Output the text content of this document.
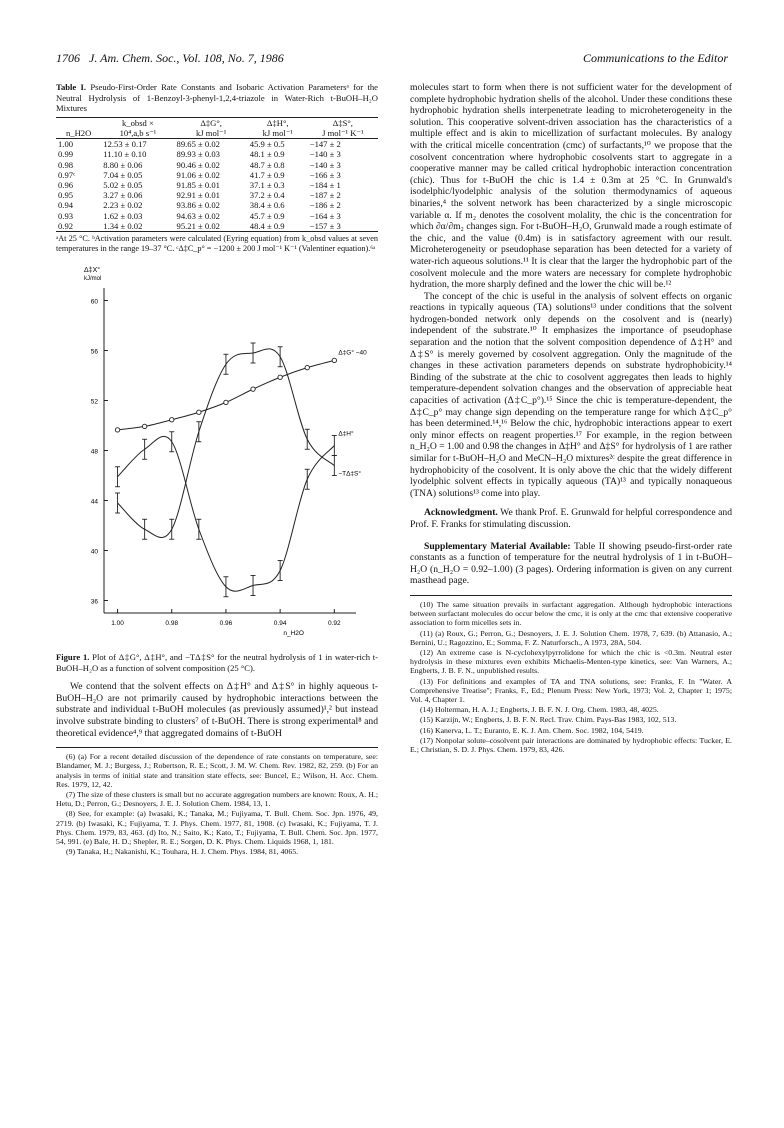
1706 J. Am. Chem. Soc., Vol. 108, No. 7, 1986	Communications to the Editor
Table I. Pseudo-First-Order Rate Constants and Isobaric Activation Parametersᵃ for the Neutral Hydrolysis of 1-Benzoyl-3-phenyl-1,2,4-triazole in Water-Rich t-BuOH–H₂O Mixtures
	k_obsd ×	Δ‡G°,	Δ‡H°,	Δ‡S°,
n_H2O	10⁴,a,b s⁻¹	kJ mol⁻¹	kJ mol⁻¹	J mol⁻¹ K⁻¹
1.00	12.53 ± 0.17	89.65 ± 0.02	45.9 ± 0.5	−147 ± 2
0.99	11.10 ± 0.10	89.93 ± 0.03	48.1 ± 0.9	−140 ± 3
0.98	8.80 ± 0.06	90.46 ± 0.02	48.7 ± 0.8	−140 ± 3
0.97ᶜ	7.04 ± 0.05	91.06 ± 0.02	41.7 ± 0.9	−166 ± 3
0.96	5.02 ± 0.05	91.85 ± 0.01	37.1 ± 0.3	−184 ± 1
0.95	3.27 ± 0.06	92.91 ± 0.01	37.2 ± 0.4	−187 ± 2
0.94	2.23 ± 0.02	93.86 ± 0.02	38.4 ± 0.6	−186 ± 2
0.93	1.62 ± 0.03	94.63 ± 0.02	45.7 ± 0.9	−164 ± 3
0.92	1.34 ± 0.02	95.21 ± 0.02	48.4 ± 0.9	−157 ± 3
ᵃAt 25 °C. ᵇActivation parameters were calculated (Eyring equation) from k_obsd values at seven temperatures in the range 19–37 °C. ᶜΔ‡C_p° = −1200 ± 200 J mol⁻¹ K⁻¹ (Valentiner equation).⁶ᵃ
36
40
44
48
52
56
60
1.00	0.98	0.96	0.94	0.92
Δ‡X°
kJ/mol
n_H2O
Δ‡G° −40
Δ‡H°
−TΔ‡S°
Figure 1. Plot of Δ‡G°, Δ‡H°, and −TΔ‡S° for the neutral hydrolysis of 1 in water-rich t-BuOH–H₂O as a function of solvent composition (25 °C).

We contend that the solvent effects on Δ‡H° and Δ‡S° in highly aqueous t-BuOH–H₂O are not primarily caused by hydrophobic interactions between the substrate and individual t-BuOH molecules (as previously assumed)¹,² but instead involve substrate binding to clusters⁷ of t-BuOH. There is strong experimental⁸ and theoretical evidence⁴,⁹ that aggregated domains of t-BuOH

(6) (a) For a recent detailed discussion of the dependence of rate constants on temperature, see: Blandamer, M. J.; Burgess, J.; Robertson, R. E.; Scott, J. M. W. Chem. Rev. 1982, 82, 259. (b) For an analysis in terms of initial state and transition state effects, see: Buncel, E.; Wilson, H. Acc. Chem. Res. 1979, 12, 42.
(7) The size of these clusters is small but no accurate aggregation numbers are known: Roux, A. H.; Hetu, D.; Perron, G.; Desnoyers, J. E. J. Solution Chem. 1984, 13, 1.
(8) See, for example: (a) Iwasaki, K.; Tanaka, M.; Fujiyama, T. Bull. Chem. Soc. Jpn. 1976, 49, 2719. (b) Iwasaki, K.; Fujiyama, T. J. Phys. Chem. 1977, 81, 1908. (c) Iwasaki, K.; Fujiyama, T. J. Phys. Chem. 1979, 83, 463. (d) Ito, N.; Saito, K.; Kato, T.; Fujiyama, T. Bull. Chem. Soc. Jpn. 1977, 54, 991. (e) Bale, H. D.; Shepler, R. E.; Sorgen, D. K. Phys. Chem. Liquids 1968, 1, 181.
(9) Tanaka, H.; Nakanishi, K.; Touhara, H. J. Chem. Phys. 1984, 81, 4065.

molecules start to form when there is not sufficient water for the development of complete hydrophobic hydration shells of the alcohol. Under these conditions these hydrophobic hydration shells interpenetrate leading to microheterogeneity in the solution. This cooperative solvent-driven association has the characteristics of a multiple effect and is akin to micellization of surfactant molecules. By analogy with the critical micelle concentration (cmc) of surfactants,¹⁰ we propose that the cosolvent concentration where hydrophobic cosolvents start to aggregate in a cooperative manner may be called critical hydrophobic interaction concentration (chic). Thus for t-BuOH the chic is 1.4 ± 0.3m at 25 °C. In Grunwald's isodelphic/lyodelphic analysis of the solution thermodynamics of aqueous binaries,⁴ the solvent network has been characterized by a single microscopic variable α. If m₂ denotes the cosolvent molality, the chic is the concentration for which ∂α/∂m₂ changes sign. For t-BuOH–H₂O, Grunwald made a rough estimate of the chic, and the value (0.4m) is in satisfactory agreement with our result. Microheterogeneity or pseudophase separation has been detected for a variety of water-rich aqueous solutions.¹¹ It is clear that the larger the hydrophobic part of the cosolvent molecule and the more waters are necessary for complete hydrophobic hydration, the more sharply defined and the lower the chic will be.¹²

The concept of the chic is useful in the analysis of solvent effects on organic reactions in typically aqueous (TA) solutions¹³ under conditions that the solvent hydrogen-bonded network only depends on the cosolvent and is (nearly) independent of the substrate.¹⁰ It emphasizes the importance of pseudophase separation and the notion that the solvent composition dependence of Δ‡H° and Δ‡S° is merely governed by cosolvent aggregation. Only the magnitude of the changes in these activation parameters depends on substrate hydrophobicity.¹⁴ Binding of the substrate at the chic to cosolvent aggregates then leads to highly temperature-dependent solvation changes and the observation of appreciable heat capacities of activation (Δ‡C_p°).¹⁵ Since the chic is temperature-dependent, the Δ‡C_p° may change sign depending on the temperature range for which Δ‡C_p° has been determined.¹⁴,¹⁶ Below the chic, hydrophobic interactions appear to exert only minor effects on reagent properties.¹⁷ For example, in the region between n_H₂O = 1.00 and 0.98 the changes in Δ‡H° and Δ‡S° for hydrolysis of 1 are rather similar for t-BuOH–H₂O and MeCN–H₂O mixtures²ᶜ despite the great difference in hydrophobicity of the cosolvent. It is only above the chic that the widely different lyodelphic solvent effects in typically aqueous (TA)¹³ and typically nonaqueous (TNA) solutions¹³ come into play.

Acknowledgment. We thank Prof. E. Grunwald for helpful correspondence and Prof. F. Franks for stimulating discussion.

Supplementary Material Available: Table II showing pseudo-first-order rate constants as a function of temperature for the neutral hydrolysis of 1 in t-BuOH–H₂O (n_H₂O = 0.92–1.00) (3 pages). Ordering information is given on any current masthead page.

(10) The same situation prevails in surfactant aggregation. Although hydrophobic interactions between surfactant molecules do occur below the cmc, it is only at the cmc that extensive cooperative association to form micelles sets in.
(11) (a) Roux, G.; Perron, G.; Desnoyers, J. E. J. Solution Chem. 1978, 7, 639. (b) Attanasio, A.; Bernini, U.; Ragozzino, E.; Somma, F. Z. Naturforsch., A 1973, 28A, 504.
(12) An extreme case is N-cyclohexylpyrrolidone for which the chic is <0.3m. Neutral ester hydrolysis in these mixtures even exhibits Michaelis-Menten-type kinetics, see: Van Warners, A.; Engberts, J. B. F. N., unpublished results.
(13) For definitions and examples of TA and TNA solutions, see: Franks, F. In "Water. A Comprehensive Treatise"; Franks, F., Ed.; Plenum Press: New York, 1973; Vol. 2, Chapter 1; 1975; Vol. 4, Chapter 1.
(14) Holterman, H. A. J.; Engberts, J. B. F. N. J. Org. Chem. 1983, 48, 4025.
(15) Karzijn, W.; Engberts, J. B. F. N. Recl. Trav. Chim. Pays-Bas 1983, 102, 513.
(16) Kanerva, L. T.; Euranto, E. K. J. Am. Chem. Soc. 1982, 104, 5419.
(17) Nonpolar solute–cosolvent pair interactions are dominated by hydrophobic effects: Tucker, E. E.; Christian, S. D. J. Phys. Chem. 1979, 83, 426.
